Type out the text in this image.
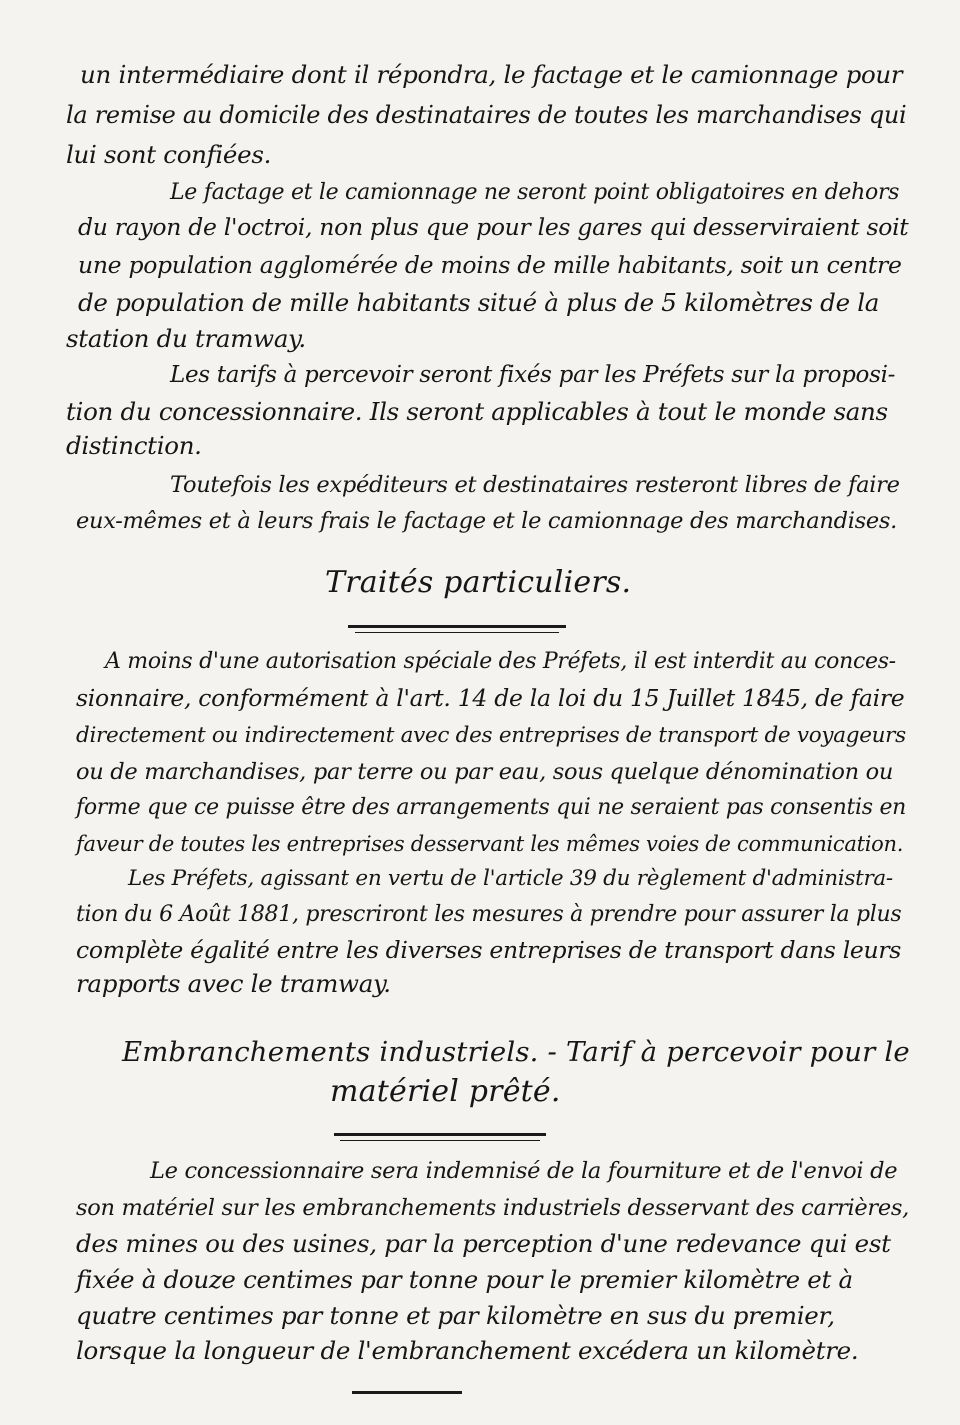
un intermédiaire dont il répondra, le factage et le camionnage pour
la remise au domicile des destinataires de toutes les marchandises qui
lui sont confiées.
Le factage et le camionnage ne seront point obligatoires en dehors
du rayon de l'octroi, non plus que pour les gares qui desserviraient soit
une population agglomérée de moins de mille habitants, soit un centre
de population de mille habitants situé à plus de 5 kilomètres de la
station du tramway.
Les tarifs à percevoir seront fixés par les Préfets sur la proposi-
tion du concessionnaire. Ils seront applicables à tout le monde sans
distinction.
Toutefois les expéditeurs et destinataires resteront libres de faire
eux-mêmes et à leurs frais le factage et le camionnage des marchandises.
Traités particuliers.
A moins d'une autorisation spéciale des Préfets, il est interdit au conces-
sionnaire, conformément à l'art. 14 de la loi du 15 Juillet 1845, de faire
directement ou indirectement avec des entreprises de transport de voyageurs
ou de marchandises, par terre ou par eau, sous quelque dénomination ou
forme que ce puisse être des arrangements qui ne seraient pas consentis en
faveur de toutes les entreprises desservant les mêmes voies de communication.
Les Préfets, agissant en vertu de l'article 39 du règlement d'administra-
tion du 6 Août 1881, prescriront les mesures à prendre pour assurer la plus
complète égalité entre les diverses entreprises de transport dans leurs
rapports avec le tramway.
Embranchements industriels. - Tarif à percevoir pour le
matériel prêté.
Le concessionnaire sera indemnisé de la fourniture et de l'envoi de
son matériel sur les embranchements industriels desservant des carrières,
des mines ou des usines, par la perception d'une redevance qui est
fixée à douze centimes par tonne pour le premier kilomètre et à
quatre centimes par tonne et par kilomètre en sus du premier,
lorsque la longueur de l'embranchement excédera un kilomètre.
